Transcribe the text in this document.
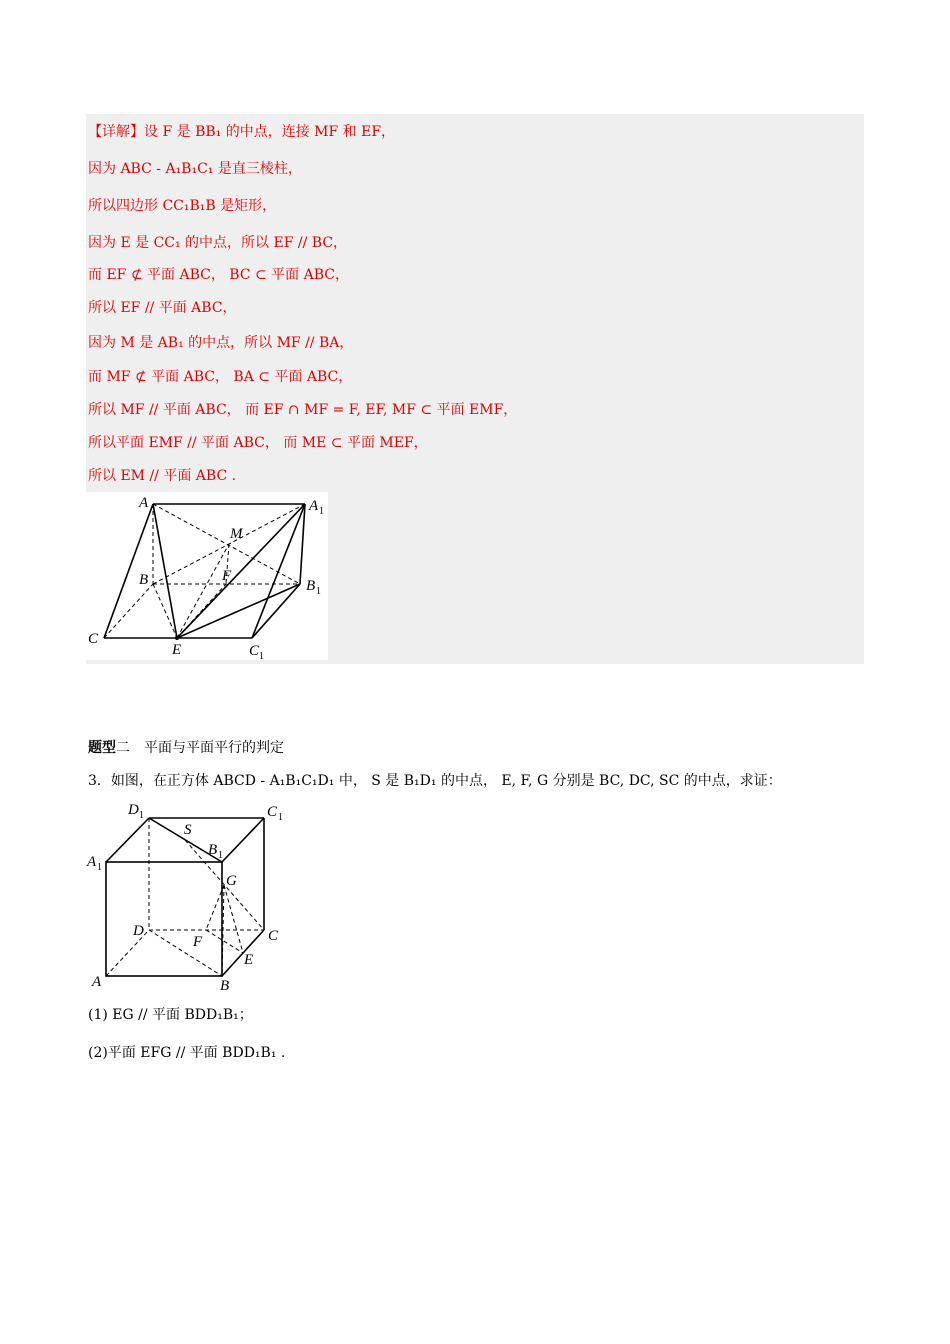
【详解】设 F 是 BB₁ 的中点，连接 MF 和 EF，
因为 ABC - A₁B₁C₁ 是直三棱柱，
所以四边形 CC₁B₁B 是矩形，
因为 E 是 CC₁ 的中点，所以 EF // BC，
而 EF ⊄ 平面 ABC， BC ⊂ 平面 ABC，
所以 EF // 平面 ABC，
因为 M 是 AB₁ 的中点，所以 MF // BA，
而 MF ⊄ 平面 ABC， BA ⊂ 平面 ABC，
所以 MF // 平面 ABC， 而 EF ∩ MF = F, EF, MF ⊂ 平面 EMF，
所以平面 EMF // 平面 ABC， 而 ME ⊂ 平面 MEF，
所以 EM // 平面 ABC .
A	A 1
M
B	F
B 1
C
E	C 1
题型二　平面与平面平行的判定
3．如图，在正方体 ABCD - A₁B₁C₁D₁ 中， S 是 B₁D₁ 的中点， E, F, G 分别是 BC, DC, SC 的中点，求证：
D 1	C 1
S
B 1
A 1
G
D
F	C
E
A	B
(1) EG // 平面 BDD₁B₁；
(2)平面 EFG // 平面 BDD₁B₁ .
